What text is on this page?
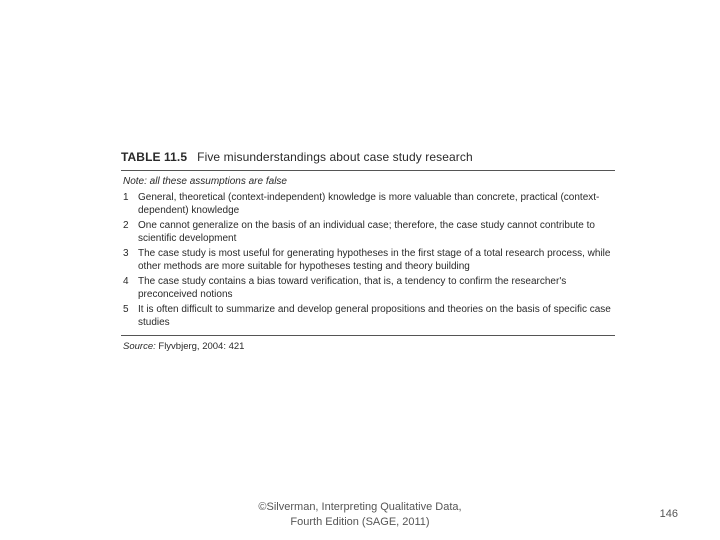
TABLE 11.5 Five misunderstandings about case study research
Note: all these assumptions are false
1 General, theoretical (context-independent) knowledge is more valuable than concrete, practical (context-dependent) knowledge
2 One cannot generalize on the basis of an individual case; therefore, the case study cannot contribute to scientific development
3 The case study is most useful for generating hypotheses in the first stage of a total research process, while other methods are more suitable for hypotheses testing and theory building
4 The case study contains a bias toward verification, that is, a tendency to confirm the researcher's preconceived notions
5 It is often difficult to summarize and develop general propositions and theories on the basis of specific case studies
Source: Flyvbjerg, 2004: 421
©Silverman, Interpreting Qualitative Data,
Fourth Edition (SAGE, 2011)
146
